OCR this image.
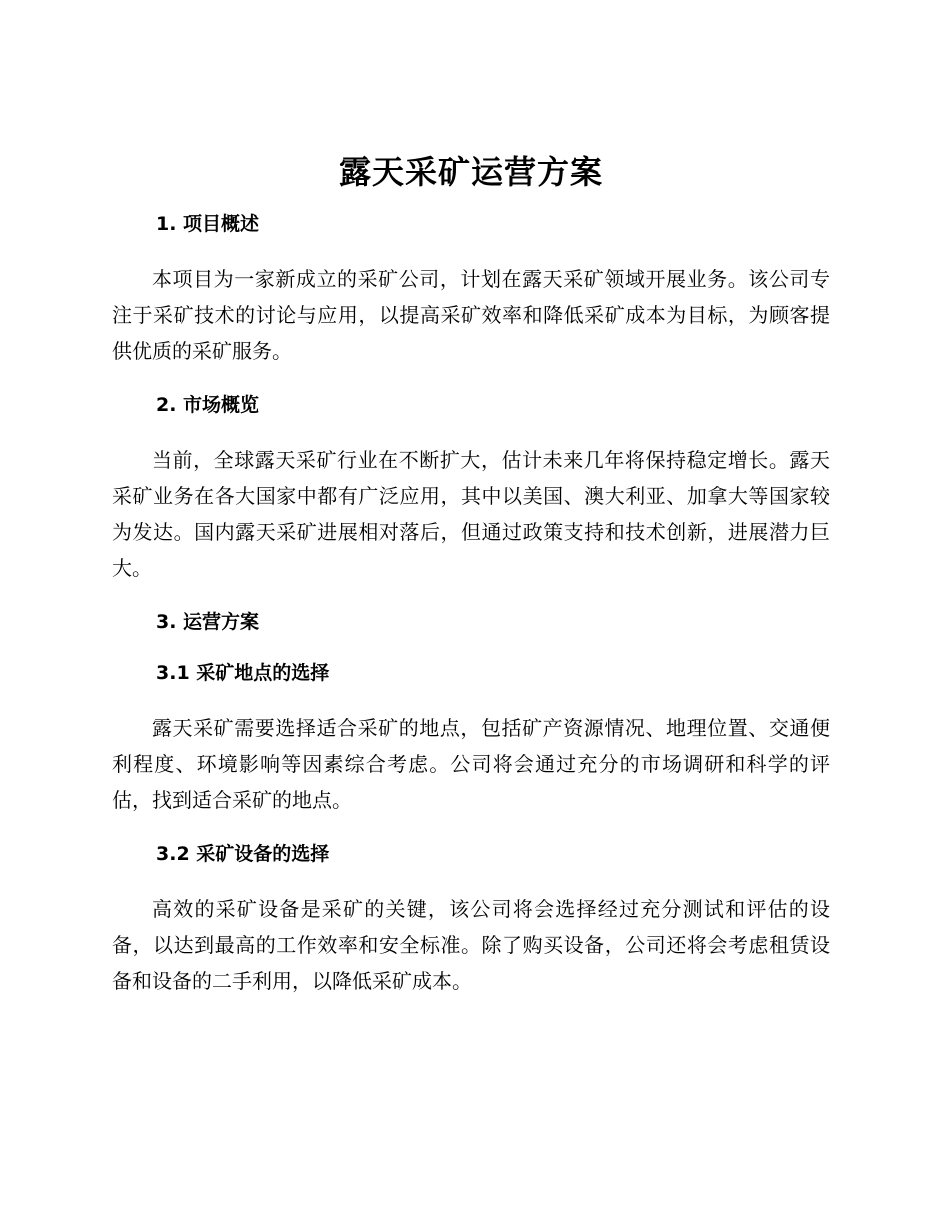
露天采矿运营方案
1. 项目概述

本项目为一家新成立的采矿公司，计划在露天采矿领域开展业务。该公司专注于采矿技术的讨论与应用，以提高采矿效率和降低采矿成本为目标，为顾客提供优质的采矿服务。

2. 市场概览

当前，全球露天采矿行业在不断扩大，估计未来几年将保持稳定增长。露天采矿业务在各大国家中都有广泛应用，其中以美国、澳大利亚、加拿大等国家较为发达。国内露天采矿进展相对落后，但通过政策支持和技术创新，进展潜力巨大。

3. 运营方案
3.1 采矿地点的选择

露天采矿需要选择适合采矿的地点，包括矿产资源情况、地理位置、交通便利程度、环境影响等因素综合考虑。公司将会通过充分的市场调研和科学的评估，找到适合采矿的地点。

3.2 采矿设备的选择

高效的采矿设备是采矿的关键，该公司将会选择经过充分测试和评估的设备，以达到最高的工作效率和安全标准。除了购买设备，公司还将会考虑租赁设备和设备的二手利用，以降低采矿成本。
